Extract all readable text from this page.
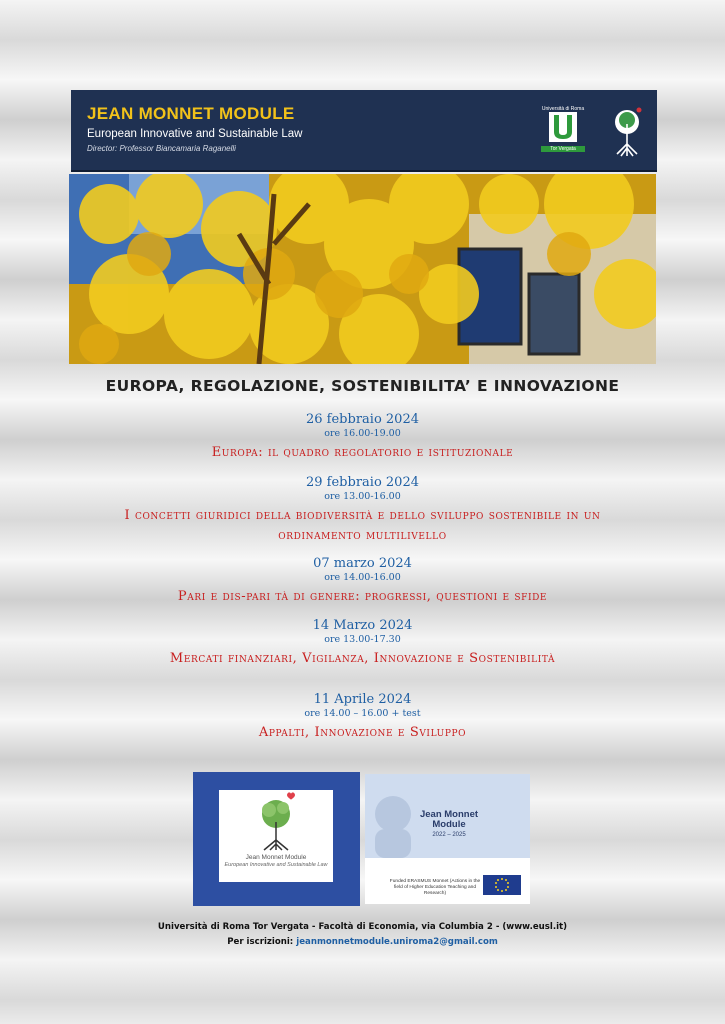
JEAN MONNET MODULE
European Innovative and Sustainable Law
Director: Professor Biancamaria Raganelli
Università di Roma
Tor Vergata
EUROPA, REGOLAZIONE, SOSTENIBILITA’ E INNOVAZIONE
26 febbraio 2024
ore 16.00-19.00
Europa: il quadro regolatorio e istituzionale
29 febbraio 2024
ore 13.00-16.00
I concetti giuridici della biodiversità e dello sviluppo sostenibile in un
ordinamento multilivello
07 marzo 2024
ore 14.00-16.00
Pari e dis-pari tà di genere: progressi, questioni e sfide
14 Marzo 2024
ore 13.00-17.30
Mercati finanziari, Vigilanza, Innovazione e Sostenibilità
11 Aprile 2024
ore 14.00 – 16.00 + test
Appalti, Innovazione e Sviluppo
Jean Monnet Module
European Innovative and Sustainable Law
Jean Monnet Module
2022 – 2025
Funded ERASMUS Monnet (Actions in the field of Higher Education Teaching and Research)
Università di Roma Tor Vergata - Facoltà di Economia, via Columbia 2 - (www.eusl.it)
Per iscrizioni: jeanmonnetmodule.uniroma2@gmail.com
